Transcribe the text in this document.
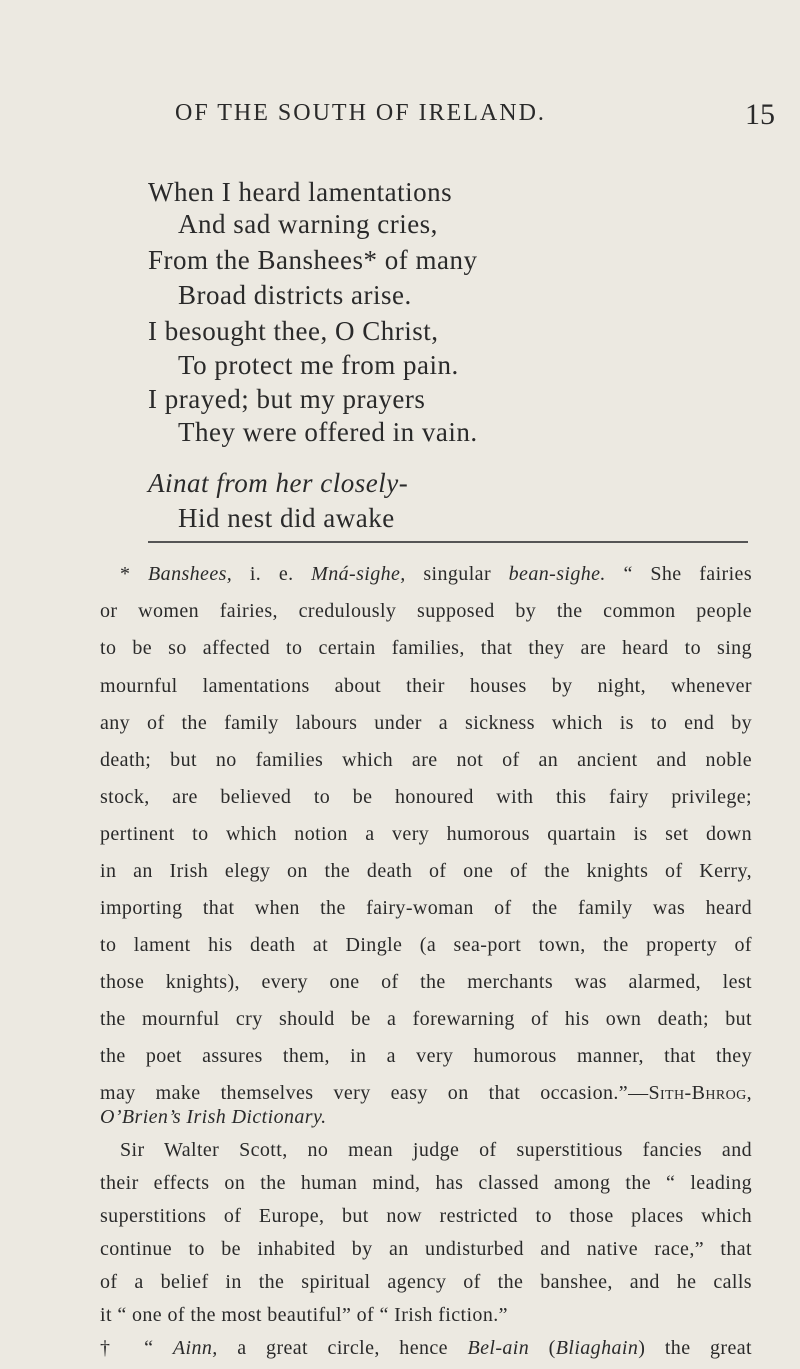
OF THE SOUTH OF IRELAND.	15
When I heard lamentations
And sad warning cries,
From the Banshees* of many
Broad districts arise.
I besought thee, O Christ,
To protect me from pain.
I prayed; but my prayers
They were offered in vain.
Ainat from her closely-
Hid nest did awake
* Banshees, i. e. Mná-sighe, singular bean-sighe. “ She fairies
or women fairies, credulously supposed by the common people
to be so affected to certain families, that they are heard to sing
mournful lamentations about their houses by night, whenever
any of the family labours under a sickness which is to end by
death; but no families which are not of an ancient and noble
stock, are believed to be honoured with this fairy privilege;
pertinent to which notion a very humorous quartain is set down
in an Irish elegy on the death of one of the knights of Kerry,
importing that when the fairy-woman of the family was heard
to lament his death at Dingle (a sea-port town, the property of
those knights), every one of the merchants was alarmed, lest
the mournful cry should be a forewarning of his own death; but
the poet assures them, in a very humorous manner, that they
may make themselves very easy on that occasion.”—Sith-Bhrog,
O’Brien’s Irish Dictionary.
Sir Walter Scott, no mean judge of superstitious fancies and
their effects on the human mind, has classed among the “ leading
superstitions of Europe, but now restricted to those places which
continue to be inhabited by an undisturbed and native race,” that
of a belief in the spiritual agency of the banshee, and he calls
it “ one of the most beautiful” of “ Irish fiction.”
† “ Ainn, a great circle, hence Bel-ain (Bliaghain) the great
